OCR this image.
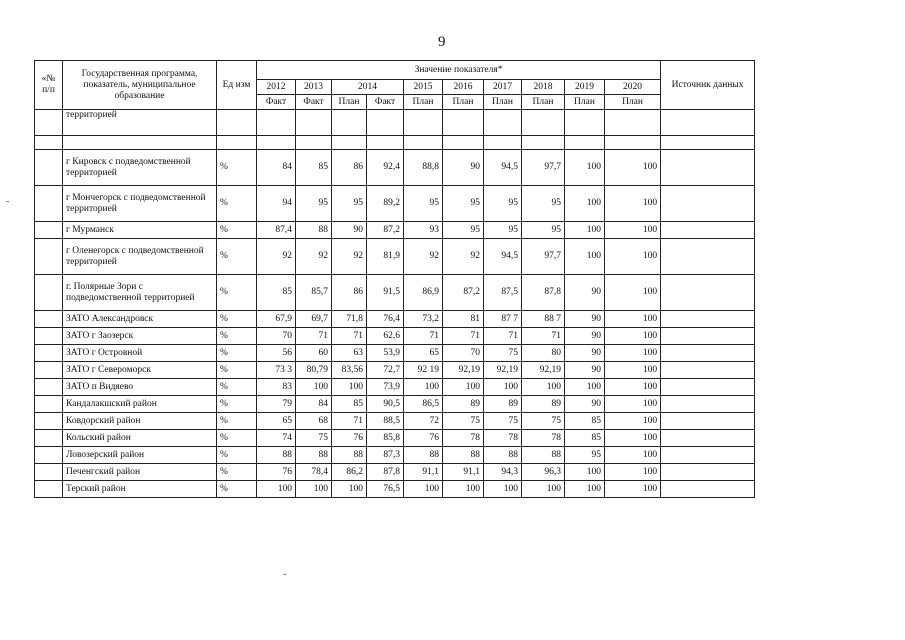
9
-
-
«№ п/п	Государственная программа, показатель, муниципальное образование	Ед изм	Значение показателя*										Источник данных
			2012	2013	2014		2015	2016	2017	2018	2019	2020	
			Факт	Факт	План	Факт	План	План	План	План	План	План	
	территорией												

	г Кировск с подведомственной территорией	%	84	85	86	92,4	88,8	90	94,5	97,7	100	100	
	г Мончегорск с подведомственной территорией	%	94	95	95	89,2	95	95	95	95	100	100	
	г Мурманск	%	87,4	88	90	87,2	93	95	95	95	100	100	
	г Оленегорск с подведомственной территорией	%	92	92	92	81,9	92	92	94,5	97,7	100	100	
	г. Полярные Зори с подведомственной территорией	%	85	85,7	86	91,5	86,9	87,2	87,5	87,8	90	100	
	ЗАТО Александровск	%	67,9	69,7	71,8	76,4	73,2	81	87 7	88 7	90	100	
	ЗАТО г Заозерск	%	70	71	71	62,6	71	71	71	71	90	100	
	ЗАТО г Островной	%	56	60	63	53,9	65	70	75	80	90	100	
	ЗАТО г Североморск	%	73 3	80,79	83,56	72,7	92 19	92,19	92,19	92,19	90	100	
	ЗАТО п Видяево	%	83	100	100	73,9	100	100	100	100	100	100	
	Кандалакшский район	%	79	84	85	90,5	86,5	89	89	89	90	100	
	Ковдорский район	%	65	68	71	88,5	72	75	75	75	85	100	
	Кольский район	%	74	75	76	85,8	76	78	78	78	85	100	
	Ловозерский район	%	88	88	88	87,3	88	88	88	88	95	100	
	Печенгский район	%	76	78,4	86,2	87,8	91,1	91,1	94,3	96,3	100	100	
	Терский район	%	100	100	100	76,5	100	100	100	100	100	100	
